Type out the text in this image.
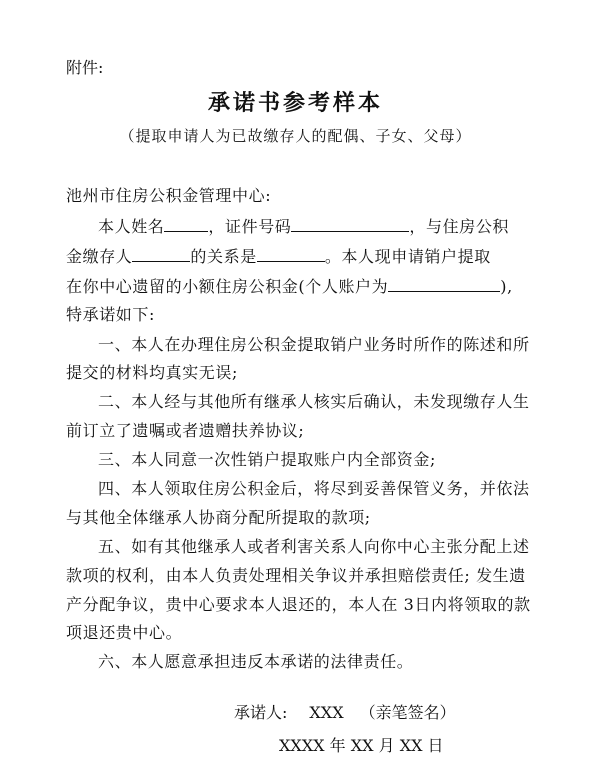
附件:
承诺书参考样本
（提取申请人为已故缴存人的配偶、子女、父母）
池州市住房公积金管理中心:
本人姓名	，证件号码	，与住房公积
金缴存人	的关系是	。本人现申请销户提取
在你中心遗留的小额住房公积金(个人账户为	),
特承诺如下:
一、本人在办理住房公积金提取销户业务时所作的陈述和所
提交的材料均真实无误;
二、本人经与其他所有继承人核实后确认，未发现缴存人生
前订立了遗嘱或者遗赠扶养协议;
三、本人同意一次性销户提取账户内全部资金;
四、本人领取住房公积金后，将尽到妥善保管义务，并依法
与其他全体继承人协商分配所提取的款项;
五、如有其他继承人或者利害关系人向你中心主张分配上述
款项的权利，由本人负责处理相关争议并承担赔偿责任; 发生遗
产分配争议，贵中心要求本人退还的，本人在 3日内将领取的款
项退还贵中心。
六、本人愿意承担违反本承诺的法律责任。
承诺人: XXX （亲笔签名）
XXXX 年 XX 月 XX 日
